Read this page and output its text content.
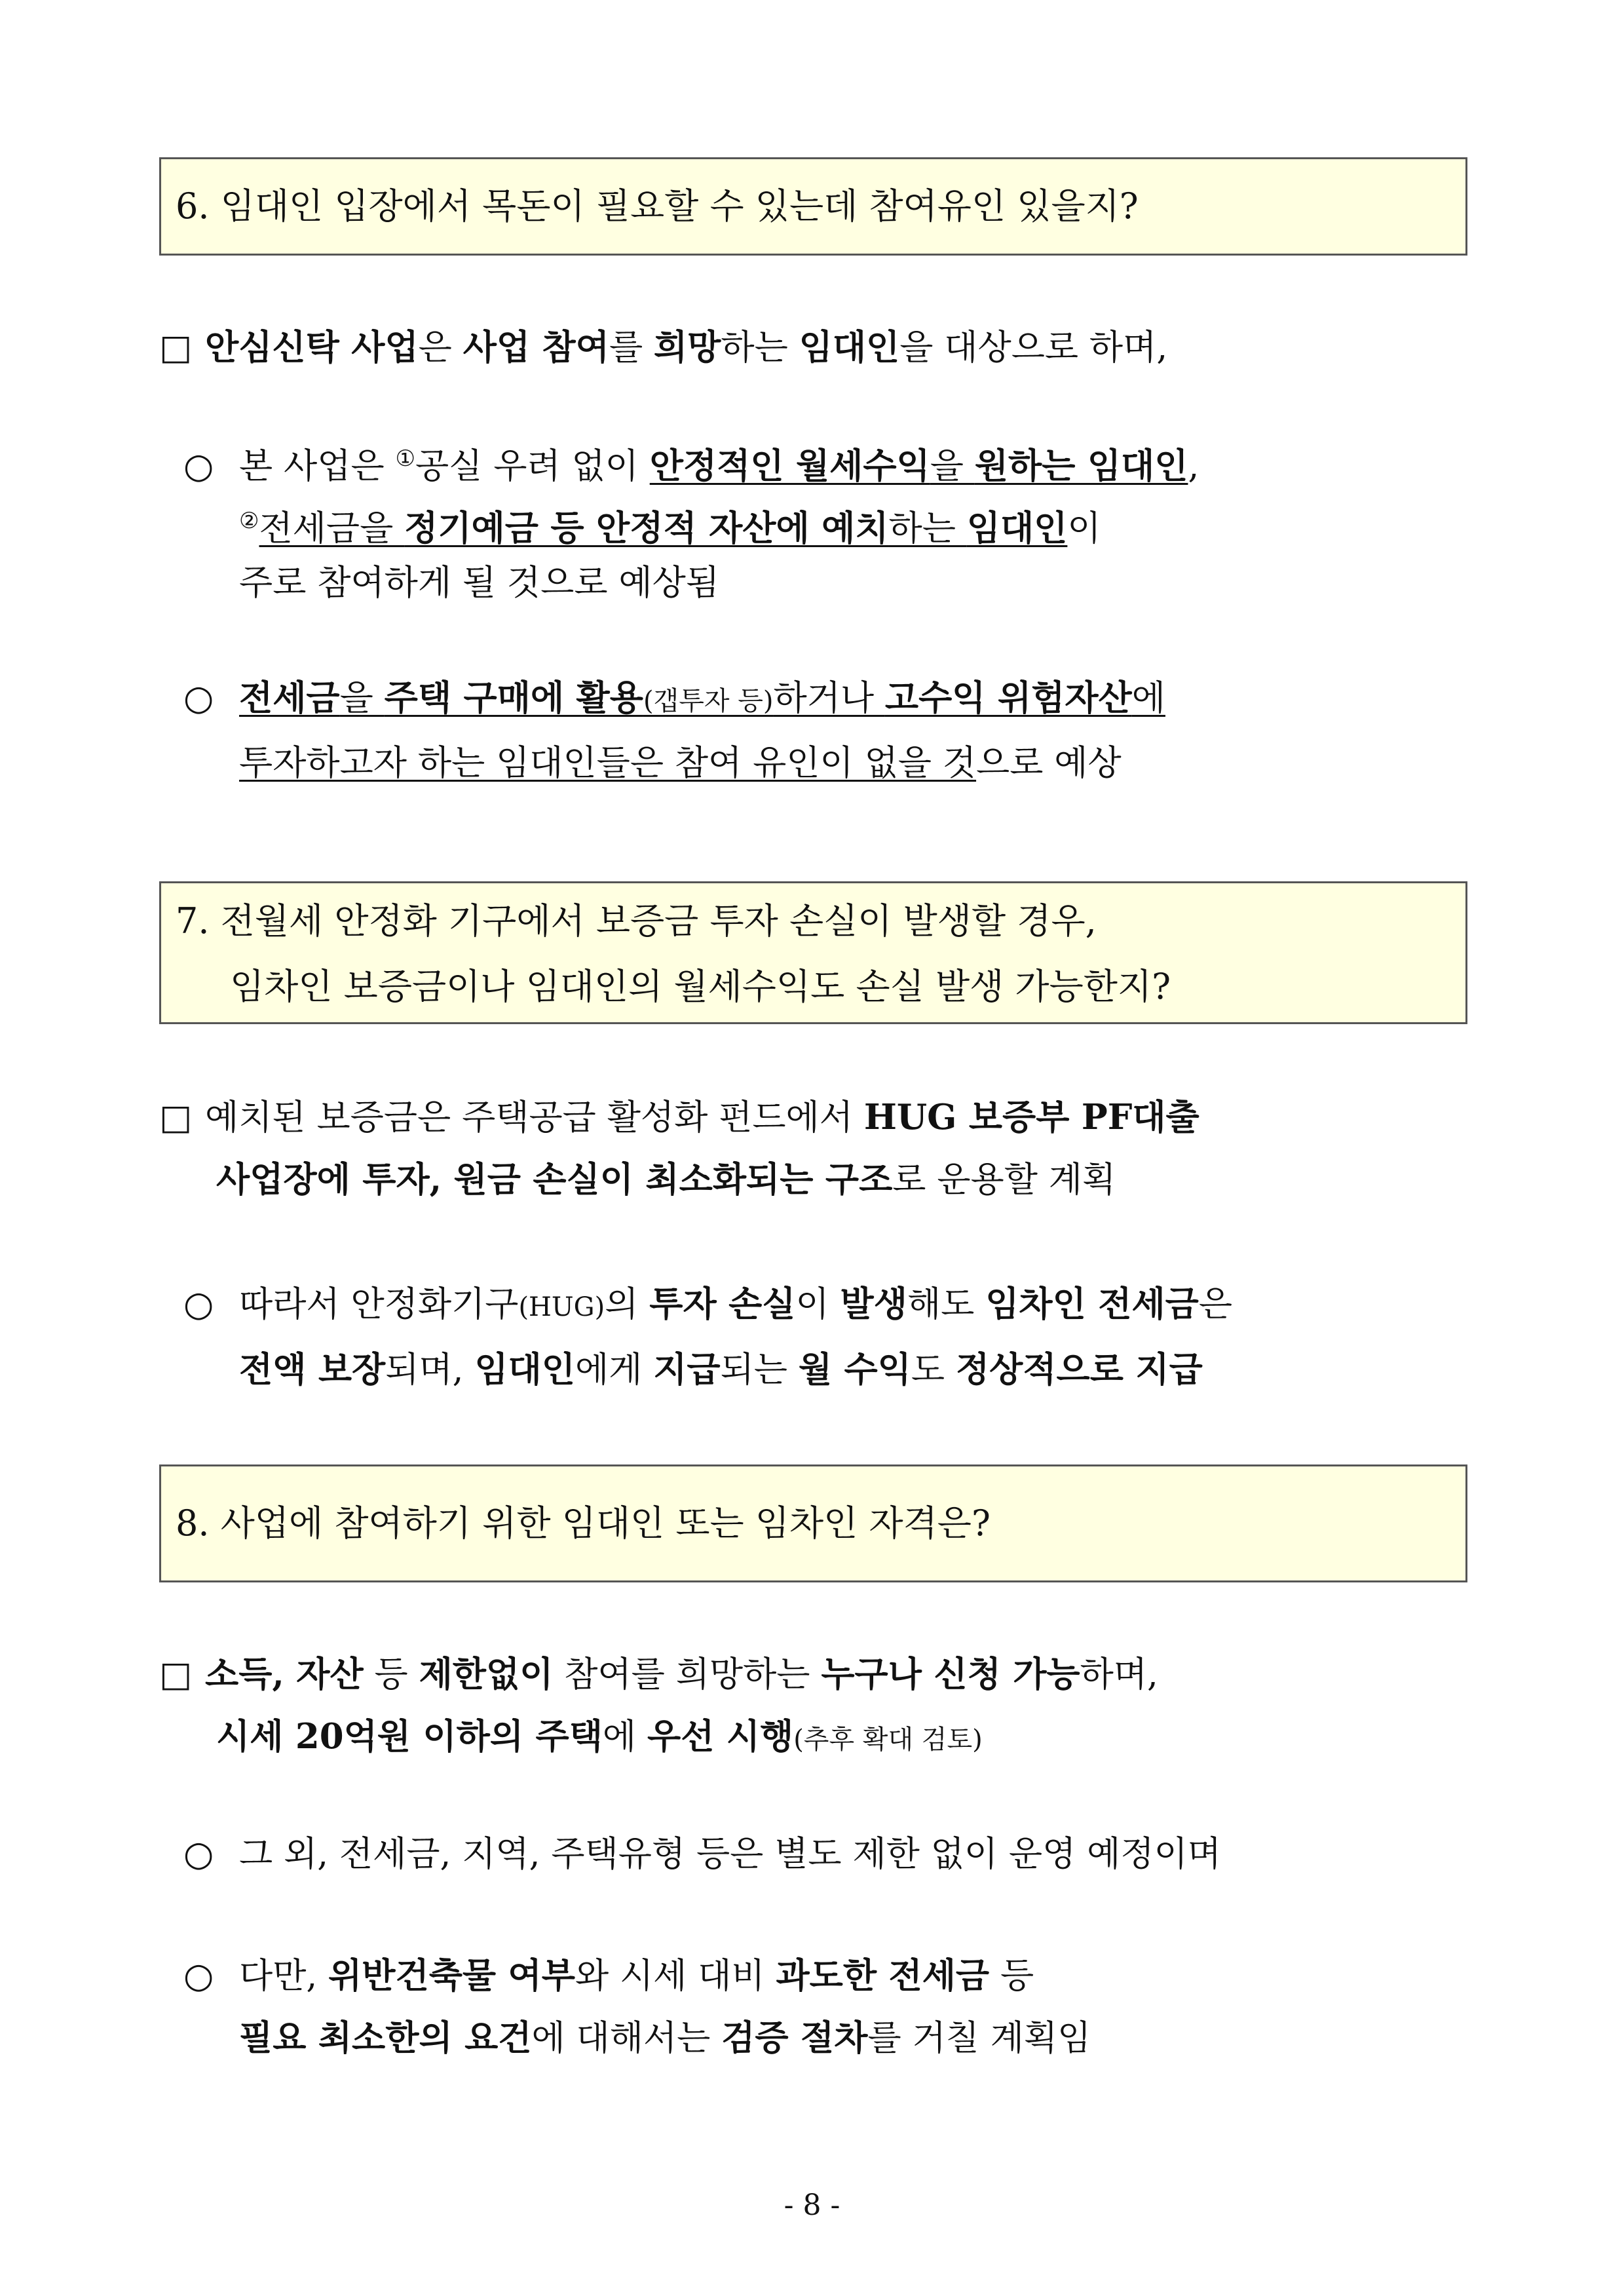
6. 임대인 입장에서 목돈이 필요할 수 있는데 참여유인 있을지?
□ 안심신탁 사업은 사업 참여를 희망하는 임대인을 대상으로 하며,
○ 본 사업은 ①공실 우려 없이 안정적인 월세수익을 원하는 임대인,
②전세금을 정기예금 등 안정적 자산에 예치하는 임대인이
주로 참여하게 될 것으로 예상됨
○ 전세금을 주택 구매에 활용(갭투자 등)하거나 고수익 위험자산에
투자하고자 하는 임대인들은 참여 유인이 없을 것으로 예상
7. 전월세 안정화 기구에서 보증금 투자 손실이 발생할 경우,
임차인 보증금이나 임대인의 월세수익도 손실 발생 가능한지?
□ 예치된 보증금은 주택공급 활성화 펀드에서 HUG 보증부 PF대출
사업장에 투자, 원금 손실이 최소화되는 구조로 운용할 계획
○ 따라서 안정화기구(HUG)의 투자 손실이 발생해도 임차인 전세금은
전액 보장되며, 임대인에게 지급되는 월 수익도 정상적으로 지급
8. 사업에 참여하기 위한 임대인 또는 임차인 자격은?
□ 소득, 자산 등 제한없이 참여를 희망하는 누구나 신청 가능하며,
시세 20억원 이하의 주택에 우선 시행(추후 확대 검토)
○ 그 외, 전세금, 지역, 주택유형 등은 별도 제한 없이 운영 예정이며
○ 다만, 위반건축물 여부와 시세 대비 과도한 전세금 등
필요 최소한의 요건에 대해서는 검증 절차를 거칠 계획임
- 8 -
